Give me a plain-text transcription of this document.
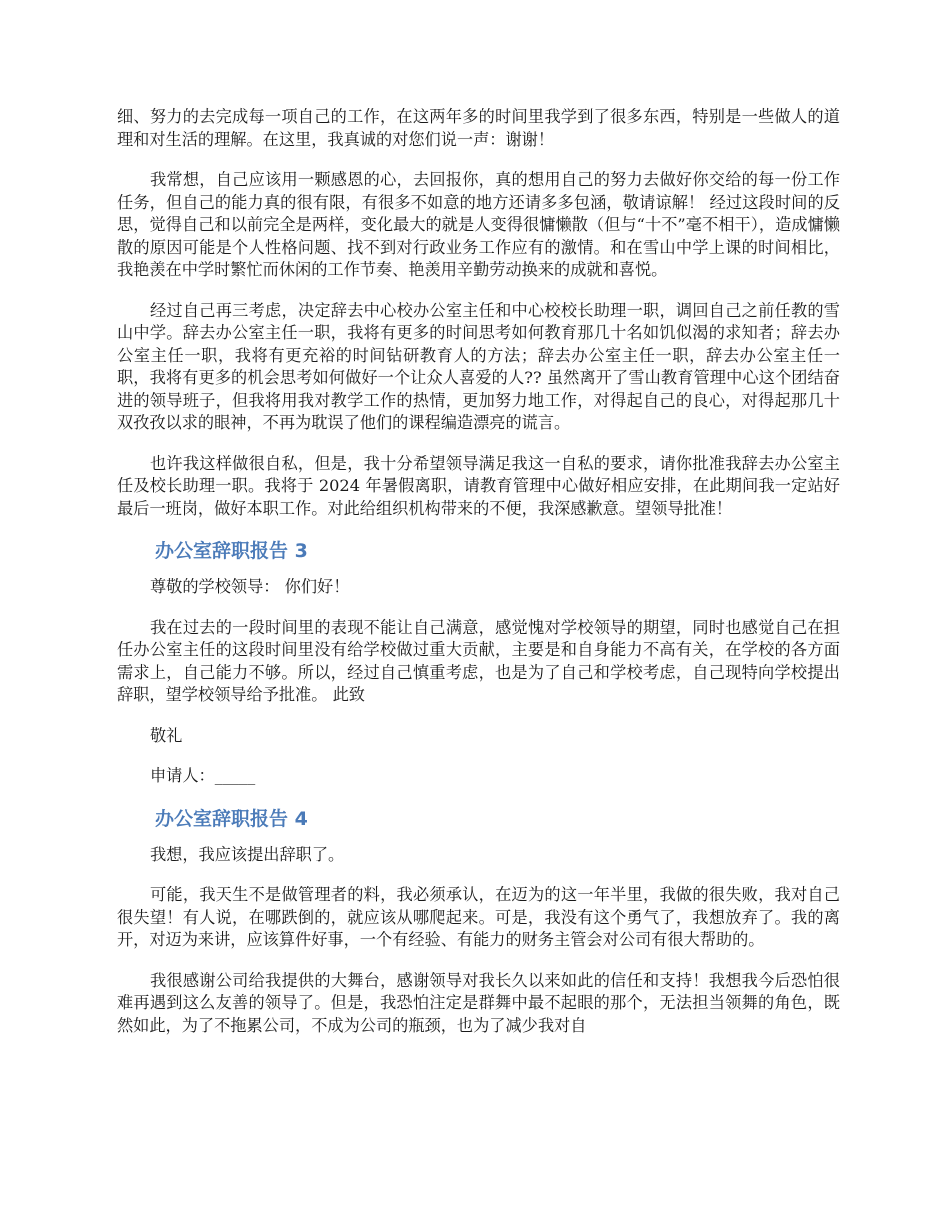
细、努力的去完成每一项自己的工作，在这两年多的时间里我学到了很多东西，特别是一些做人的道理和对生活的理解。在这里，我真诚的对您们说一声：谢谢！

我常想，自己应该用一颗感恩的心，去回报你，真的想用自己的努力去做好你交给的每一份工作任务，但自己的能力真的很有限，有很多不如意的地方还请多多包涵，敬请谅解！ 经过这段时间的反思，觉得自己和以前完全是两样，变化最大的就是人变得很慵懒散（但与“十不”毫不相干），造成慵懒散的原因可能是个人性格问题、找不到对行政业务工作应有的激情。和在雪山中学上课的时间相比，我艳羡在中学时繁忙而休闲的工作节奏、艳羡用辛勤劳动换来的成就和喜悦。

经过自己再三考虑，决定辞去中心校办公室主任和中心校校长助理一职，调回自己之前任教的雪山中学。辞去办公室主任一职，我将有更多的时间思考如何教育那几十名如饥似渴的求知者；辞去办公室主任一职，我将有更充裕的时间钻研教育人的方法；辞去办公室主任一职，辞去办公室主任一职，我将有更多的机会思考如何做好一个让众人喜爱的人?? 虽然离开了雪山教育管理中心这个团结奋进的领导班子，但我将用我对教学工作的热情，更加努力地工作，对得起自己的良心，对得起那几十双孜孜以求的眼神，不再为耽误了他们的课程编造漂亮的谎言。

也许我这样做很自私，但是，我十分希望领导满足我这一自私的要求，请你批准我辞去办公室主任及校长助理一职。我将于 2024 年暑假离职，请教育管理中心做好相应安排，在此期间我一定站好最后一班岗，做好本职工作。对此给组织机构带来的不便，我深感歉意。望领导批准！

办公室辞职报告 3

尊敬的学校领导： 你们好！

我在过去的一段时间里的表现不能让自己满意，感觉愧对学校领导的期望，同时也感觉自己在担任办公室主任的这段时间里没有给学校做过重大贡献，主要是和自身能力不高有关，在学校的各方面需求上，自己能力不够。所以，经过自己慎重考虑，也是为了自己和学校考虑，自己现特向学校提出辞职，望学校领导给予批准。 此致

敬礼

申请人：_____

办公室辞职报告 4

我想，我应该提出辞职了。

可能，我天生不是做管理者的料，我必须承认，在迈为的这一年半里，我做的很失败，我对自己很失望！有人说，在哪跌倒的，就应该从哪爬起来。可是，我没有这个勇气了，我想放弃了。我的离开，对迈为来讲，应该算件好事，一个有经验、有能力的财务主管会对公司有很大帮助的。

我很感谢公司给我提供的大舞台，感谢领导对我长久以来如此的信任和支持！我想我今后恐怕很难再遇到这么友善的领导了。但是，我恐怕注定是群舞中最不起眼的那个，无法担当领舞的角色，既然如此，为了不拖累公司，不成为公司的瓶颈，也为了减少我对自
